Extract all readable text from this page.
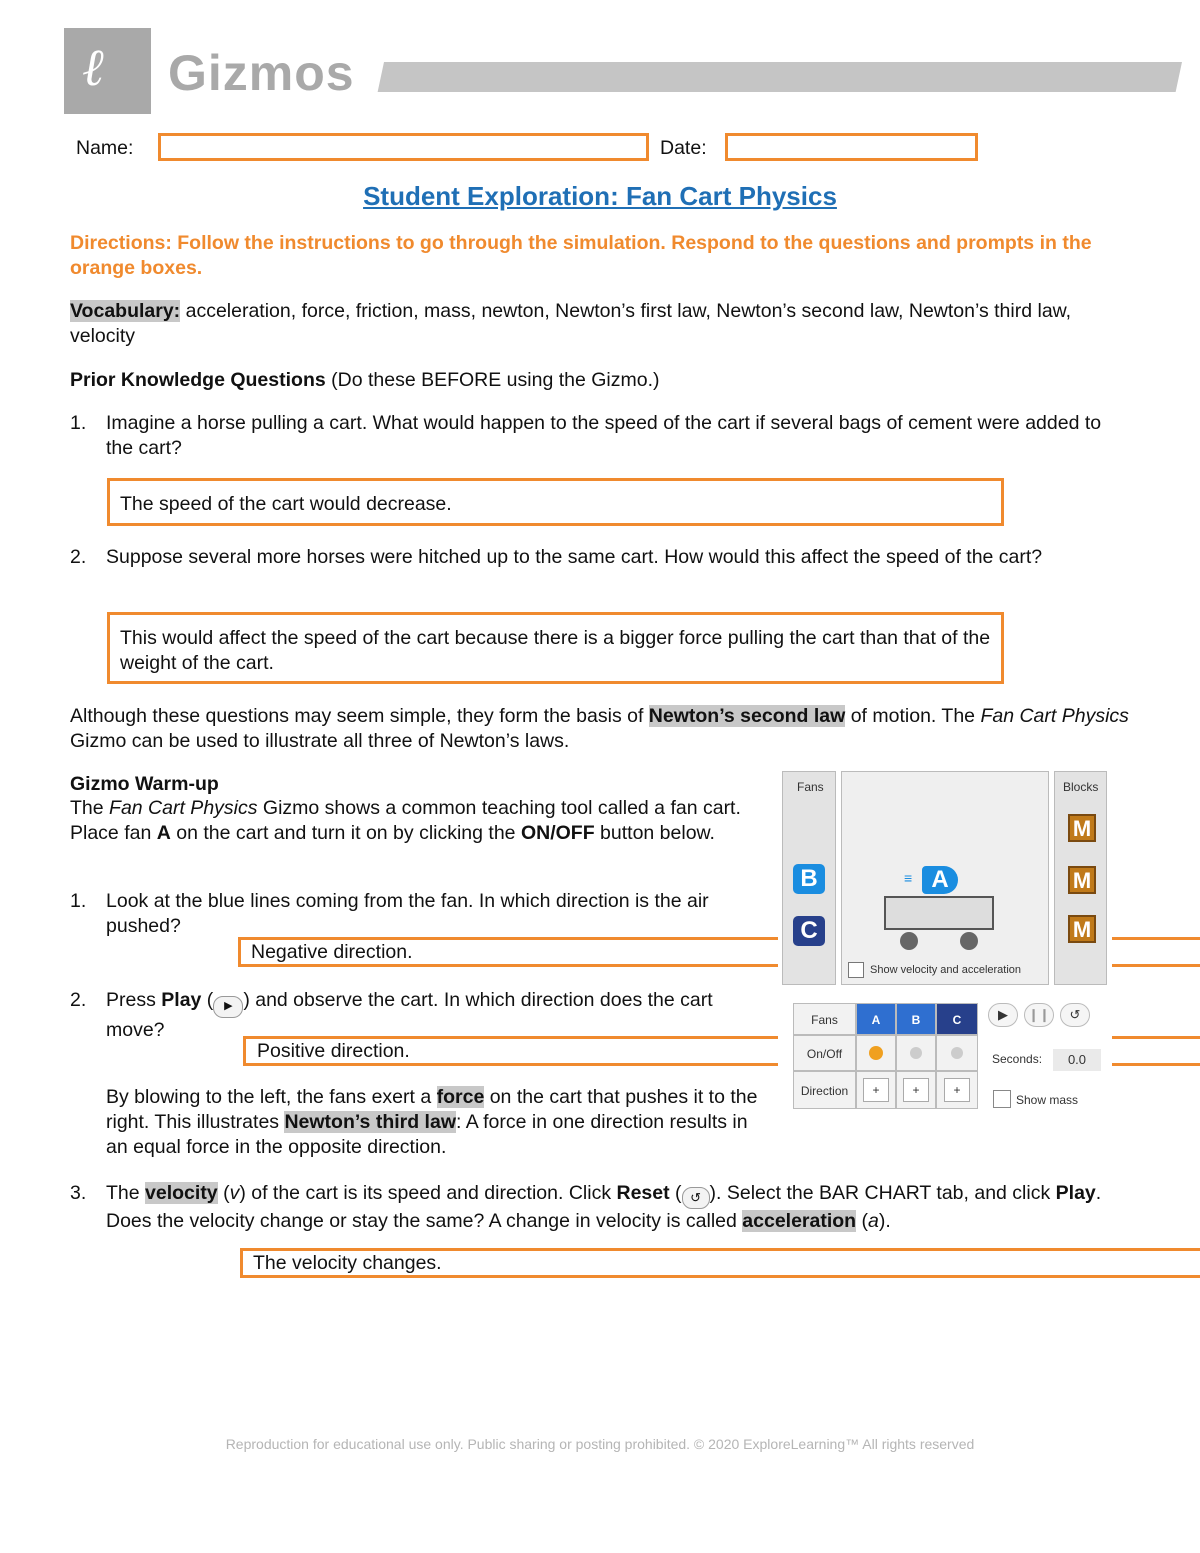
ℓ Gizmos
Name:	Date:
Student Exploration: Fan Cart Physics
Directions: Follow the instructions to go through the simulation. Respond to the questions and prompts in the orange boxes.
Vocabulary: acceleration, force, friction, mass, newton, Newton’s first law, Newton’s second law, Newton’s third law, velocity
Prior Knowledge Questions (Do these BEFORE using the Gizmo.)
1.	Imagine a horse pulling a cart. What would happen to the speed of the cart if several bags of cement were added to the cart?
The speed of the cart would decrease.
2.	Suppose several more horses were hitched up to the same cart. How would this affect the speed of the cart?
This would affect the speed of the cart because there is a bigger force pulling the cart than that of the weight of the cart.
Although these questions may seem simple, they form the basis of Newton’s second law of motion. The Fan Cart Physics Gizmo can be used to illustrate all three of Newton’s laws.
Gizmo Warm-up
The Fan Cart Physics Gizmo shows a common teaching tool called a fan cart. Place fan A on the cart and turn it on by clicking the ON/OFF button below.
1.	Look at the blue lines coming from the fan. In which direction is the air pushed?
Negative direction.
2.	Press Play ( ▶ ) and observe the cart. In which direction does the cart move?
Positive direction.
By blowing to the left, the fans exert a force on the cart that pushes it to the right. This illustrates Newton’s third law: A force in one direction results in an equal force in the opposite direction.
3.	The velocity (v) of the cart is its speed and direction. Click Reset ( ↺ ). Select the BAR CHART tab, and click Play. Does the velocity change or stay the same? A change in velocity is called acceleration (a).
The velocity changes.
Fans
B
C
≡ A
Show velocity and acceleration
Blocks
M
M
M
Fans	A	B	C
On/Off
Direction	+	+	+
▶	❙❙	↺
Seconds:	0.0
Show mass
Reproduction for educational use only. Public sharing or posting prohibited. © 2020 ExploreLearning™ All rights reserved
